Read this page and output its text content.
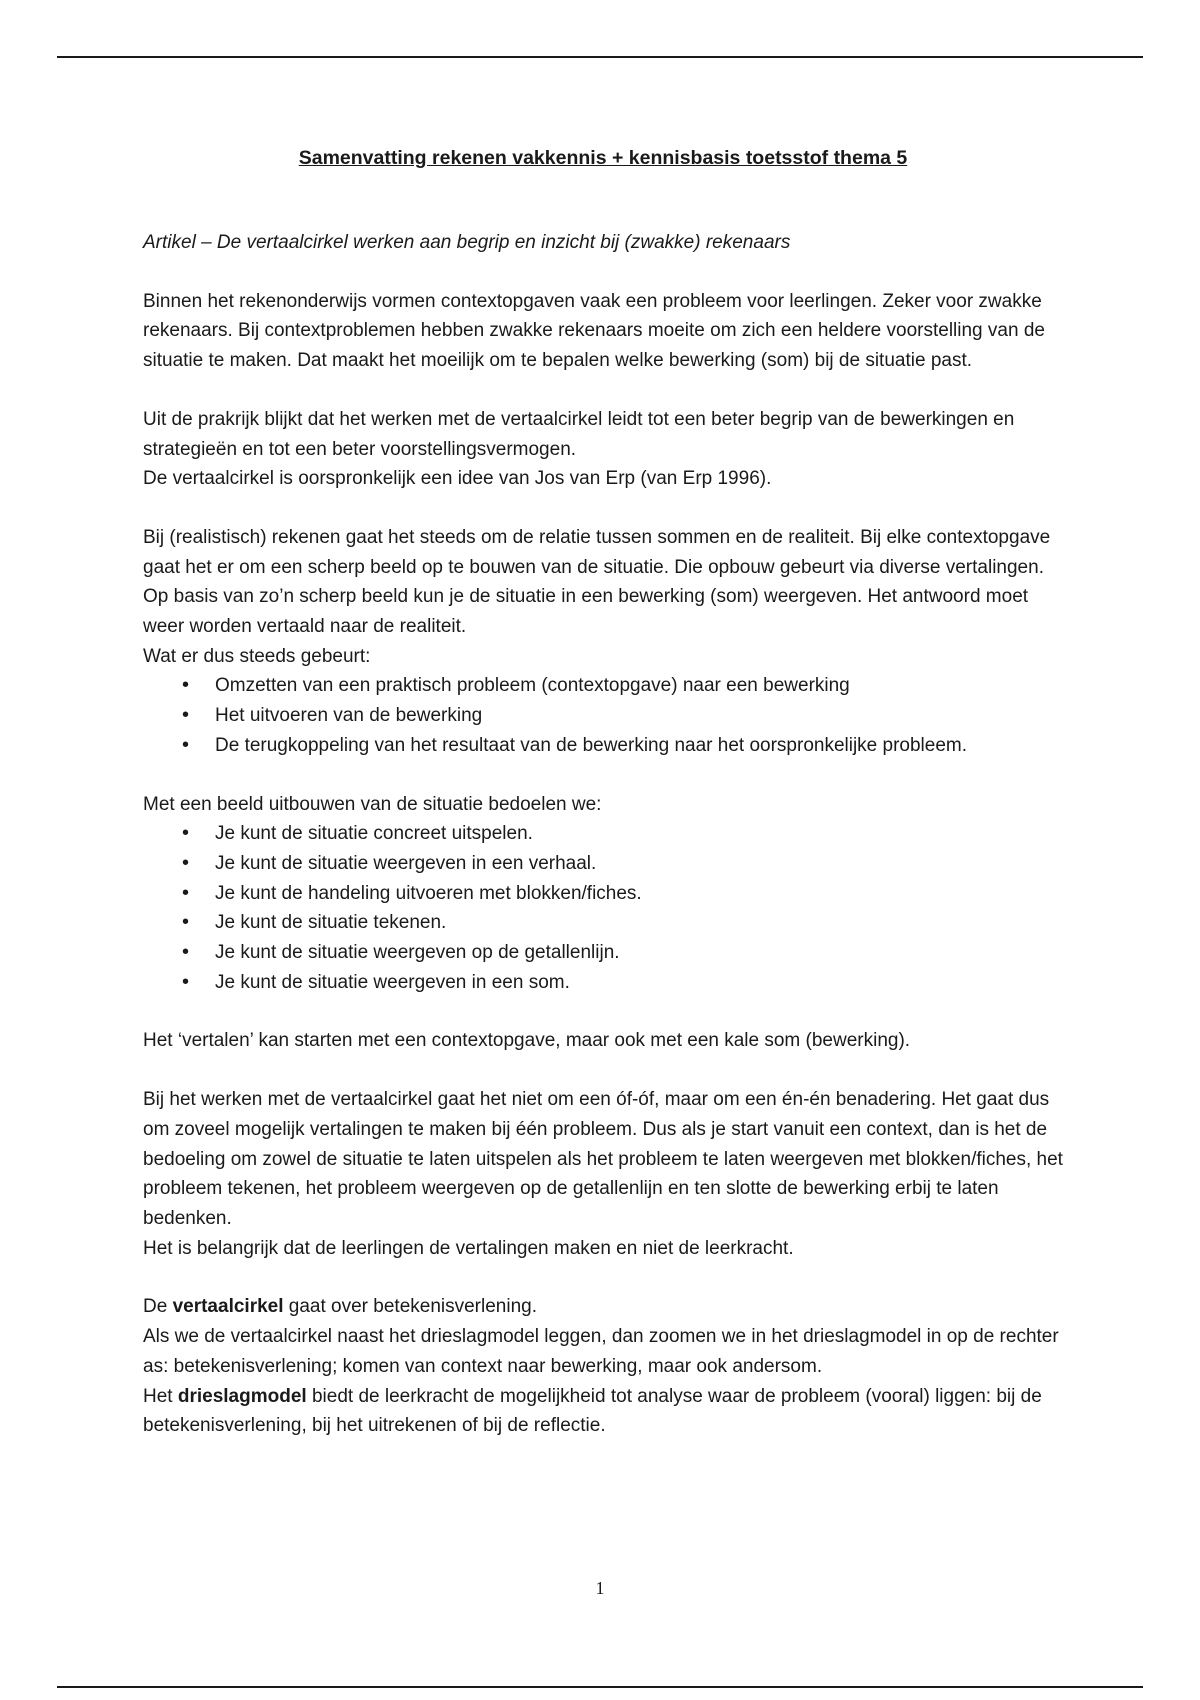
Samenvatting rekenen vakkennis + kennisbasis toetsstof thema 5

Artikel – De vertaalcirkel werken aan begrip en inzicht bij (zwakke) rekenaars

Binnen het rekenonderwijs vormen contextopgaven vaak een probleem voor leerlingen. Zeker voor zwakke rekenaars. Bij contextproblemen hebben zwakke rekenaars moeite om zich een heldere voorstelling van de situatie te maken. Dat maakt het moeilijk om te bepalen welke bewerking (som) bij de situatie past.

Uit de prakrijk blijkt dat het werken met de vertaalcirkel leidt tot een beter begrip van de bewerkingen en strategieën en tot een beter voorstellingsvermogen.

De vertaalcirkel is oorspronkelijk een idee van Jos van Erp (van Erp 1996).

Bij (realistisch) rekenen gaat het steeds om de relatie tussen sommen en de realiteit. Bij elke contextopgave gaat het er om een scherp beeld op te bouwen van de situatie. Die opbouw gebeurt via diverse vertalingen. Op basis van zo’n scherp beeld kun je de situatie in een bewerking (som) weergeven. Het antwoord moet weer worden vertaald naar de realiteit.

Wat er dus steeds gebeurt:

• Omzetten van een praktisch probleem (contextopgave) naar een bewerking
• Het uitvoeren van de bewerking
• De terugkoppeling van het resultaat van de bewerking naar het oorspronkelijke probleem.

Met een beeld uitbouwen van de situatie bedoelen we:

• Je kunt de situatie concreet uitspelen.
• Je kunt de situatie weergeven in een verhaal.
• Je kunt de handeling uitvoeren met blokken/fiches.
• Je kunt de situatie tekenen.
• Je kunt de situatie weergeven op de getallenlijn.
• Je kunt de situatie weergeven in een som.

Het ‘vertalen’ kan starten met een contextopgave, maar ook met een kale som (bewerking).

Bij het werken met de vertaalcirkel gaat het niet om een óf-óf, maar om een én-én benadering. Het gaat dus om zoveel mogelijk vertalingen te maken bij één probleem. Dus als je start vanuit een context, dan is het de bedoeling om zowel de situatie te laten uitspelen als het probleem te laten weergeven met blokken/fiches, het probleem tekenen, het probleem weergeven op de getallenlijn en ten slotte de bewerking erbij te laten bedenken.

Het is belangrijk dat de leerlingen de vertalingen maken en niet de leerkracht.

De vertaalcirkel gaat over betekenisverlening.

Als we de vertaalcirkel naast het drieslagmodel leggen, dan zoomen we in het drieslagmodel in op de rechter as: betekenisverlening; komen van context naar bewerking, maar ook andersom.

Het drieslagmodel biedt de leerkracht de mogelijkheid tot analyse waar de probleem (vooral) liggen: bij de betekenisverlening, bij het uitrekenen of bij de reflectie.

1
